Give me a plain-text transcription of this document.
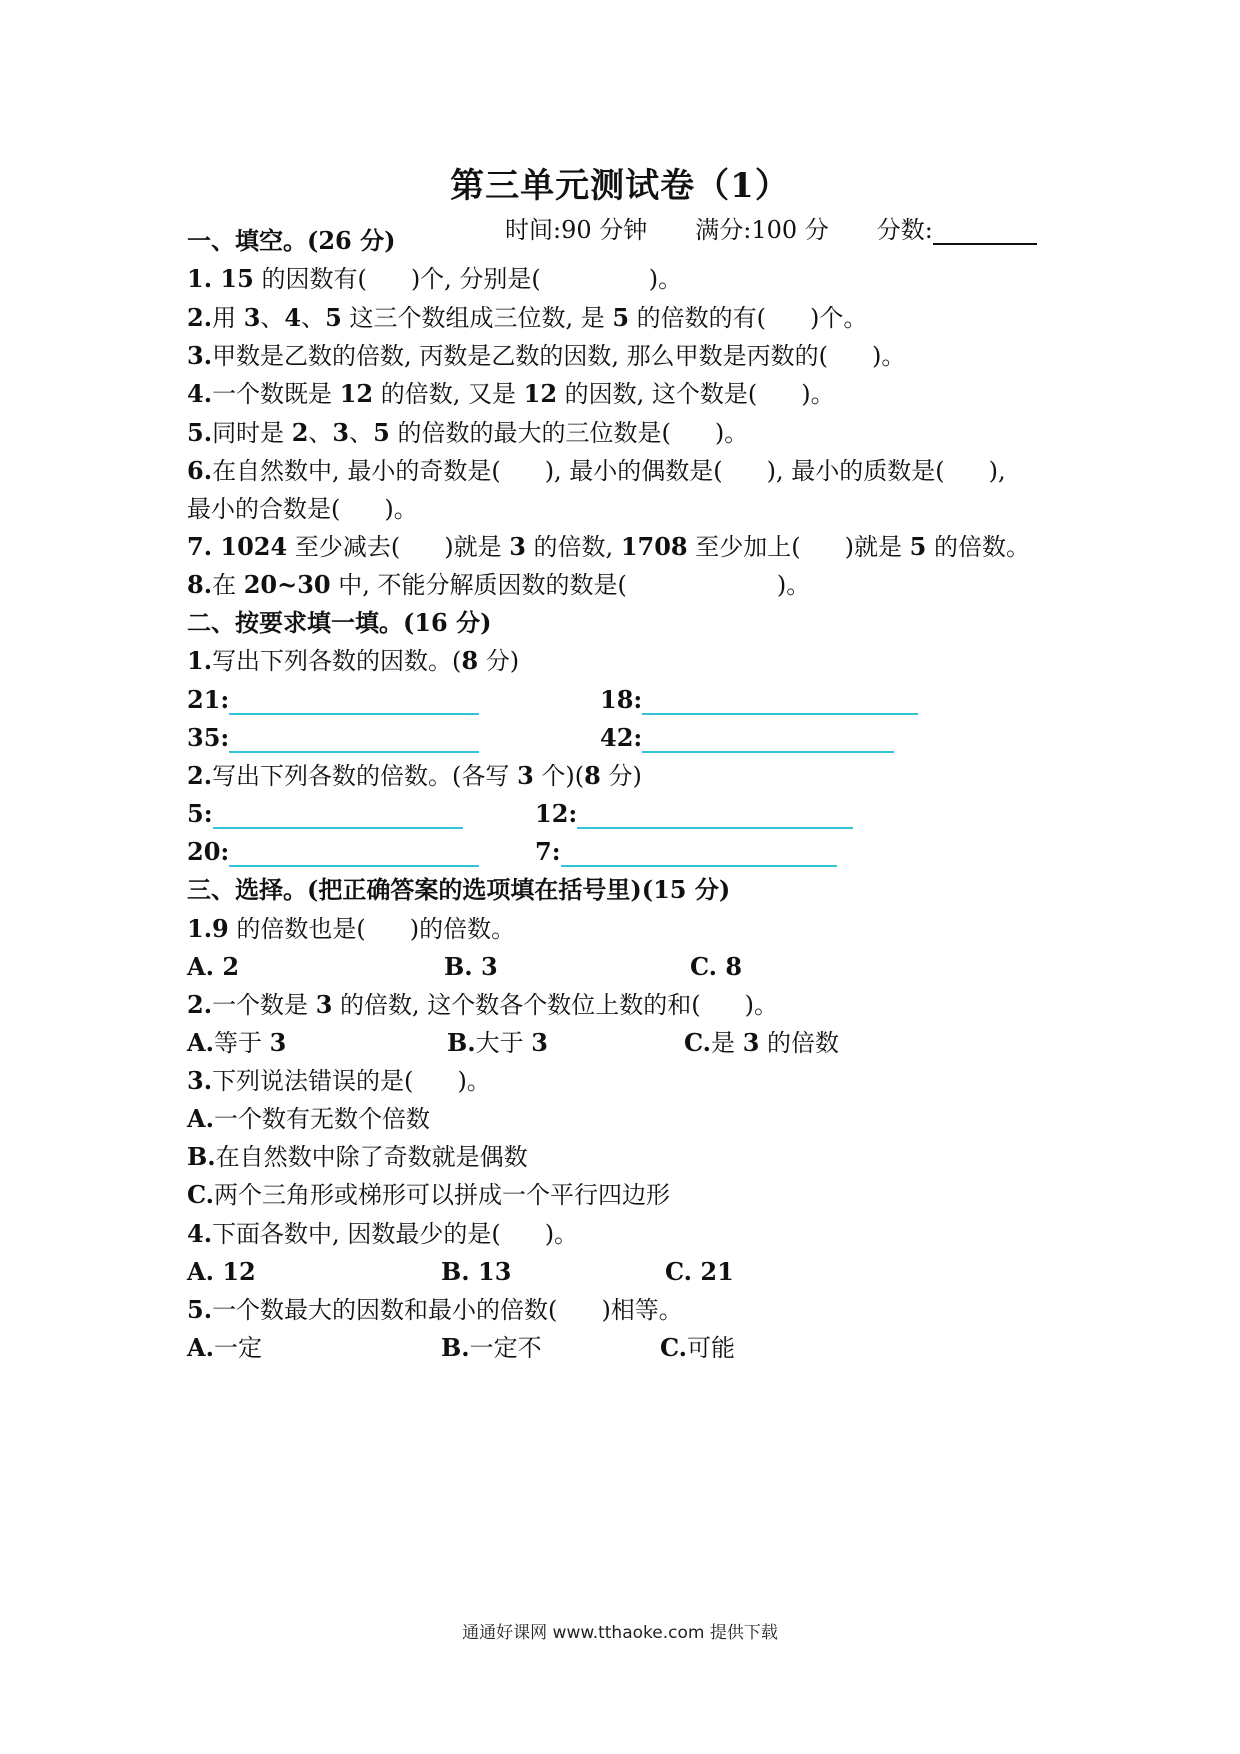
第三单元测试卷（1）
时间:90 分钟 满分:100 分 分数:
一、填空。(26 分)
1. 15 的因数有( )个, 分别是(	)。
2.用 3、4、5 这三个数组成三位数, 是 5 的倍数的有( )个。
3.甲数是乙数的倍数, 丙数是乙数的因数, 那么甲数是丙数的( )。
4.一个数既是 12 的倍数, 又是 12 的因数, 这个数是( )。
5.同时是 2、3、5 的倍数的最大的三位数是( )。
6.在自然数中, 最小的奇数是( ), 最小的偶数是( ), 最小的质数是( ),
最小的合数是( )。
7. 1024 至少减去( )就是 3 的倍数, 1708 至少加上( )就是 5 的倍数。
8.在 20~30 中, 不能分解质因数的数是(	)。
二、按要求填一填。(16 分)
1.写出下列各数的因数。(8 分)
21:	18:
35:	42:
2.写出下列各数的倍数。(各写 3 个)(8 分)
5:	12:
20:	7:
三、选择。(把正确答案的选项填在括号里)(15 分)
1.9 的倍数也是( )的倍数。
A. 2	B. 3	C. 8
2.一个数是 3 的倍数, 这个数各个数位上数的和( )。
A.等于 3	B.大于 3	C.是 3 的倍数
3.下列说法错误的是( )。
A.一个数有无数个倍数
B.在自然数中除了奇数就是偶数
C.两个三角形或梯形可以拼成一个平行四边形
4.下面各数中, 因数最少的是( )。
A. 12	B. 13	C. 21
5.一个数最大的因数和最小的倍数( )相等。
A.一定	B.一定不	C.可能
通通好课网 www.tthaoke.com 提供下载
